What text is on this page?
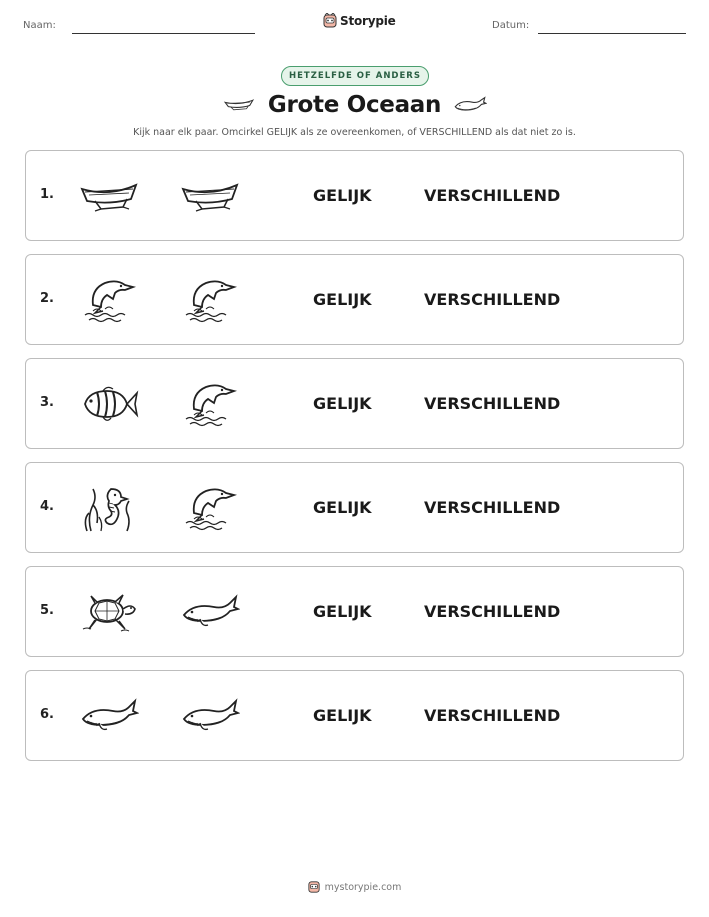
Naam:	Storypie	Datum:
HETZELFDE OF ANDERS
Grote Oceaan
Kijk naar elk paar. Omcirkel GELIJK als ze overeenkomen, of VERSCHILLEND als dat niet zo is.
1.	GELIJK	VERSCHILLEND
2.	GELIJK	VERSCHILLEND
3.	GELIJK	VERSCHILLEND
4.	GELIJK	VERSCHILLEND
5.	GELIJK	VERSCHILLEND
6.	GELIJK	VERSCHILLEND
mystorypie.com
